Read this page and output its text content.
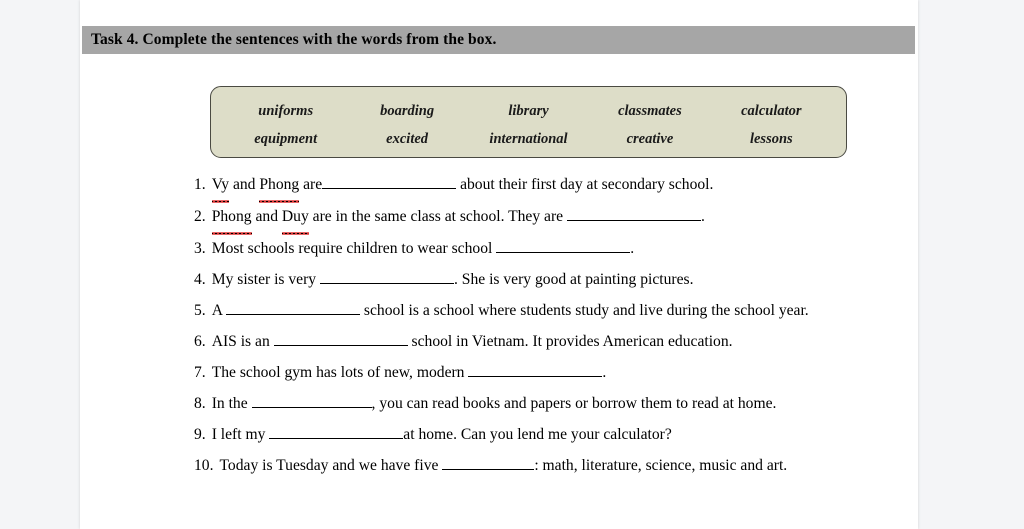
Task 4. Complete the sentences with the words from the box.
uniforms	boarding	library	classmates	calculator
equipment	excited	international	creative	lessons

1. Vy and Phong are	about their first day at secondary school.

2. Phong and Duy are in the same class at school. They are	.

3. Most schools require children to wear school	.

4. My sister is very	. She is very good at painting pictures.

5. A	school is a school where students study and live during the school year.

6. AIS is an	school in Vietnam. It provides American education.

7. The school gym has lots of new, modern	.

8. In the	, you can read books and papers or borrow them to read at home.

9. I left my	at home. Can you lend me your calculator?

10. Today is Tuesday and we have five	: math, literature, science, music and art.
